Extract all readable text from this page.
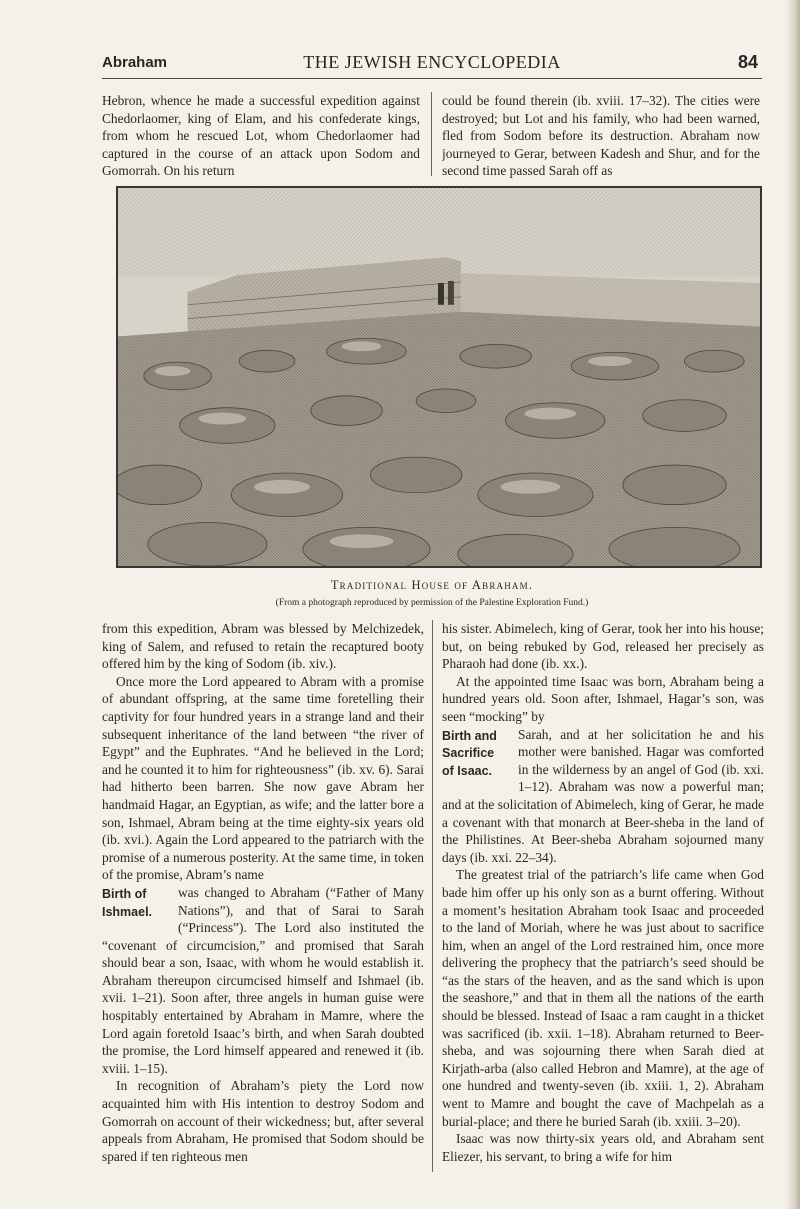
Abraham	THE JEWISH ENCYCLOPEDIA	84

Hebron, whence he made a successful expedition against Chedorlaomer, king of Elam, and his confederate kings, from whom he rescued Lot, whom Chedorlaomer had captured in the course of an attack upon Sodom and Gomorrah. On his return

could be found therein (ib. xviii. 17–32). The cities were destroyed; but Lot and his family, who had been warned, fled from Sodom before its destruction. Abraham now journeyed to Gerar, between Kadesh and Shur, and for the second time passed Sarah off as

Traditional House of Abraham.
(From a photograph reproduced by permission of the Palestine Exploration Fund.)

from this expedition, Abram was blessed by Melchizedek, king of Salem, and refused to retain the recaptured booty offered him by the king of Sodom (ib. xiv.).

Once more the Lord appeared to Abram with a promise of abundant offspring, at the same time foretelling their captivity for four hundred years in a strange land and their subsequent inheritance of the land between “the river of Egypt” and the Euphrates. “And he believed in the Lord; and he counted it to him for righteousness” (ib. xv. 6). Sarai had hitherto been barren. She now gave Abram her handmaid Hagar, an Egyptian, as wife; and the latter bore a son, Ishmael, Abram being at the time eighty-six years old (ib. xvi.). Again the Lord appeared to the patriarch with the promise of a numerous posterity. At the same time, in token of the promise, Abram’s name

Birth of
Ishmael.
was changed to Abraham (“Father of Many Nations”), and that of Sarai to Sarah (“Princess”). The Lord also instituted the “covenant of circumcision,” and promised that Sarah should bear a son, Isaac, with whom he would establish it. Abraham thereupon circumcised himself and Ishmael (ib. xvii. 1–21). Soon after, three angels in human guise were hospitably entertained by Abraham in Mamre, where the Lord again foretold Isaac’s birth, and when Sarah doubted the promise, the Lord himself appeared and renewed it (ib. xviii. 1–15).

In recognition of Abraham’s piety the Lord now acquainted him with His intention to destroy Sodom and Gomorrah on account of their wickedness; but, after several appeals from Abraham, He promised that Sodom should be spared if ten righteous men

his sister. Abimelech, king of Gerar, took her into his house; but, on being rebuked by God, released her precisely as Pharaoh had done (ib. xx.).

At the appointed time Isaac was born, Abraham being a hundred years old. Soon after, Ishmael, Hagar’s son, was seen “mocking” by

Birth and
Sacrifice
of Isaac.
Sarah, and at her solicitation he and his mother were banished. Hagar was comforted in the wilderness by an angel of God (ib. xxi. 1–12). Abraham was now a powerful man; and at the solicitation of Abimelech, king of Gerar, he made a covenant with that monarch at Beer-sheba in the land of the Philistines. At Beer-sheba Abraham sojourned many days (ib. xxi. 22–34).

The greatest trial of the patriarch’s life came when God bade him offer up his only son as a burnt offering. Without a moment’s hesitation Abraham took Isaac and proceeded to the land of Moriah, where he was just about to sacrifice him, when an angel of the Lord restrained him, once more delivering the prophecy that the patriarch’s seed should be “as the stars of the heaven, and as the sand which is upon the seashore,” and that in them all the nations of the earth should be blessed. Instead of Isaac a ram caught in a thicket was sacrificed (ib. xxii. 1–18). Abraham returned to Beer-sheba, and was sojourning there when Sarah died at Kirjath-arba (also called Hebron and Mamre), at the age of one hundred and twenty-seven (ib. xxiii. 1, 2). Abraham went to Mamre and bought the cave of Machpelah as a burial-place; and there he buried Sarah (ib. xxiii. 3–20).

Isaac was now thirty-six years old, and Abraham sent Eliezer, his servant, to bring a wife for him
